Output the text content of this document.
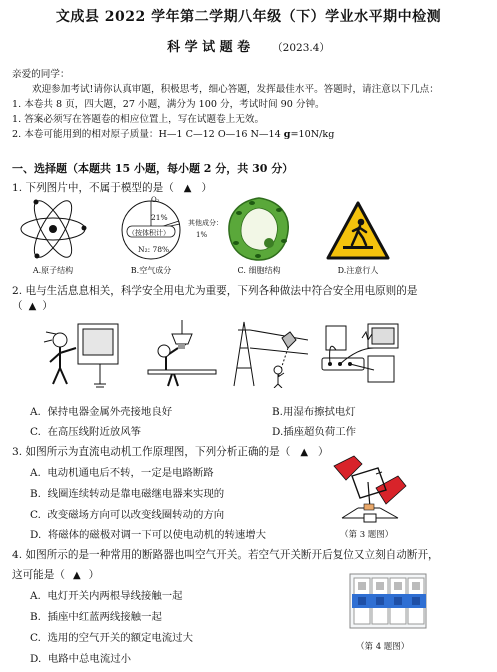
文成县 2022 学年第二学期八年级（下）学业水平期中检测
科 学 试 题 卷 （2023.4）
亲爱的同学：
欢迎参加考试!请你认真审题，积极思考，细心答题，发挥最佳水平。答题时，请注意以下几点：
1. 本卷共 8 页，四大题，27 小题，满分为 100 分，考试时间 90 分钟。
1. 答案必须写在答题卷的相应位置上，写在试题卷上无效。
2. 本卷可能用到的相对原子质量：H—1 C—12 O—16 N—14 g=10N/kg
一、选择题（本题共 15 小题，每小题 2 分，共 30 分）
1. 下列图片中，不属于模型的是（ ▲ ）
A.原子结构
O₂
21%
其他成分：
1%
（按体积计）
N₂: 78%
B.空气成分	C. 细胞结构	D.注意行人
2. 电与生活息息相关，科学安全用电尤为重要，下列各种做法中符合安全用电原则的是
（ ▲ ）
A. 保持电器金属外壳接地良好	B.用湿布擦拭电灯
C. 在高压线附近放风筝	D.插座超负荷工作
3. 如图所示为直流电动机工作原理图，下列分析正确的是（ ▲ ）
A. 电动机通电后不转，一定是电路断路
B. 线圈连续转动是靠电磁继电器来实现的
C. 改变磁场方向可以改变线圈转动的方向
D. 将磁体的磁极对调一下可以使电动机的转速增大	（第 3 题图）
4. 如图所示的是一种常用的断路器也叫空气开关。若空气开关断开后复位又立刻自动断开，
这可能是（ ▲ ）
A. 电灯开关内两根导线接触一起
B. 插座中红蓝两线接触一起
C. 选用的空气开关的额定电流过大
D. 电路中总电流过小
（第 4 题图）
